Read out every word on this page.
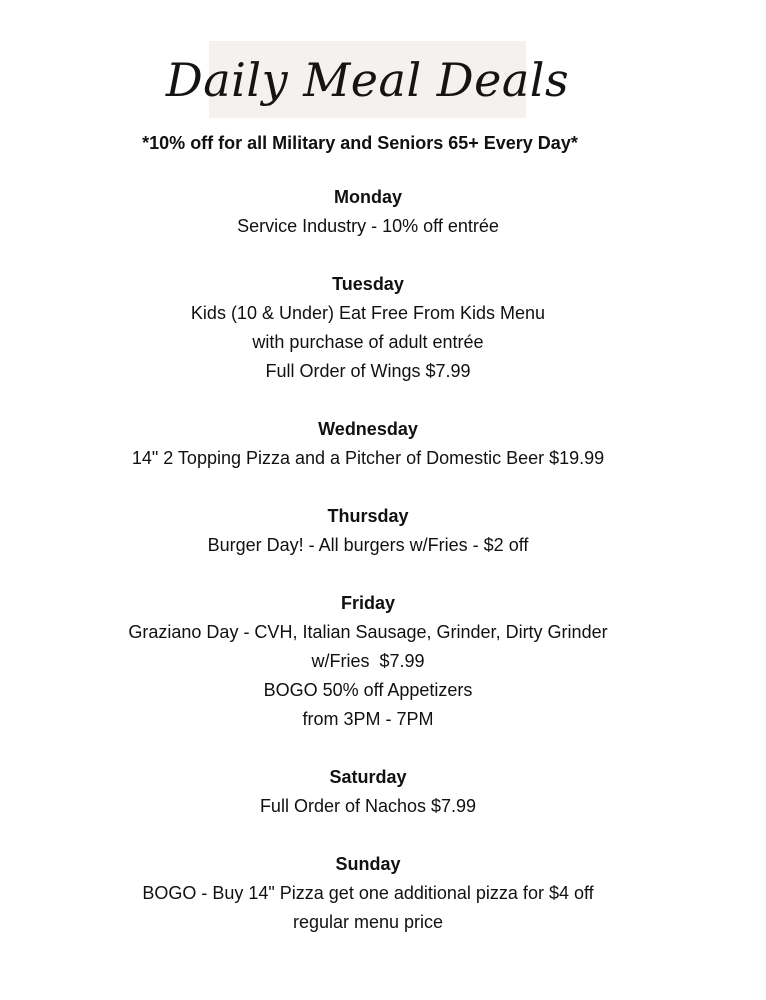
Daily Meal Deals
*10% off for all Military and Seniors 65+ Every Day*
Monday
Service Industry - 10% off entrée
Tuesday
Kids (10 & Under) Eat Free From Kids Menu
with purchase of adult entrée
Full Order of Wings $7.99
Wednesday
14" 2 Topping Pizza and a Pitcher of Domestic Beer $19.99
Thursday
Burger Day! - All burgers w/Fries - $2 off
Friday
Graziano Day - CVH, Italian Sausage, Grinder, Dirty Grinder
w/Fries  $7.99
BOGO 50% off Appetizers
from 3PM - 7PM
Saturday
Full Order of Nachos $7.99
Sunday
BOGO - Buy 14" Pizza get one additional pizza for $4 off
regular menu price
